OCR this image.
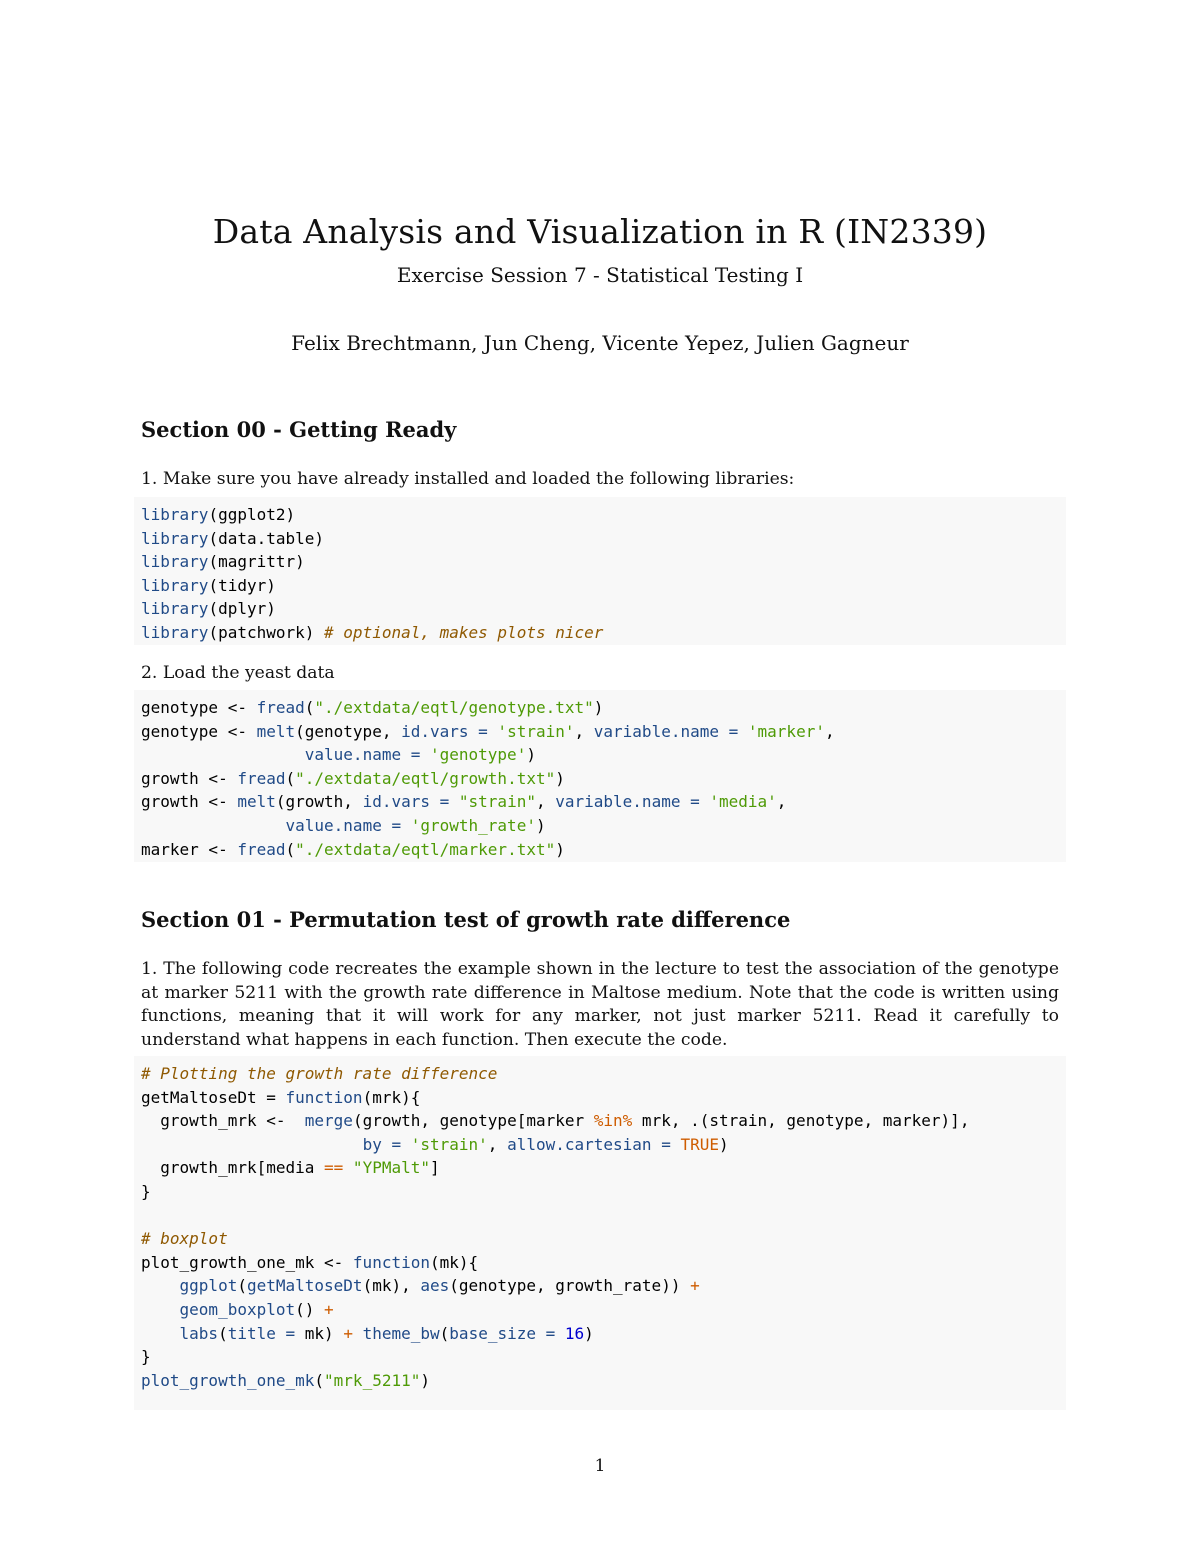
Data Analysis and Visualization in R (IN2339)
Exercise Session 7 - Statistical Testing I
Felix Brechtmann, Jun Cheng, Vicente Yepez, Julien Gagneur
Section 00 - Getting Ready
1. Make sure you have already installed and loaded the following libraries:
library(ggplot2)
library(data.table)
library(magrittr)
library(tidyr)
library(dplyr)
library(patchwork) # optional, makes plots nicer
2. Load the yeast data
genotype <- fread("./extdata/eqtl/genotype.txt")
genotype <- melt(genotype, id.vars = 'strain', variable.name = 'marker',
value.name = 'genotype')
growth <- fread("./extdata/eqtl/growth.txt")
growth <- melt(growth, id.vars = "strain", variable.name = 'media',
value.name = 'growth_rate')
marker <- fread("./extdata/eqtl/marker.txt")
Section 01 - Permutation test of growth rate difference
1. The following code recreates the example shown in the lecture to test the association of the genotype at marker 5211 with the growth rate difference in Maltose medium. Note that the code is written using functions, meaning that it will work for any marker, not just marker 5211. Read it carefully to understand what happens in each function. Then execute the code.
# Plotting the growth rate difference
getMaltoseDt = function(mrk){
growth_mrk <-  merge(growth, genotype[marker %in% mrk, .(strain, genotype, marker)],
by = 'strain', allow.cartesian = TRUE)
growth_mrk[media == "YPMalt"]
}
# boxplot
plot_growth_one_mk <- function(mk){
ggplot(getMaltoseDt(mk), aes(genotype, growth_rate)) +
geom_boxplot() +
labs(title = mk) + theme_bw(base_size = 16)
}
plot_growth_one_mk("mrk_5211")
1
